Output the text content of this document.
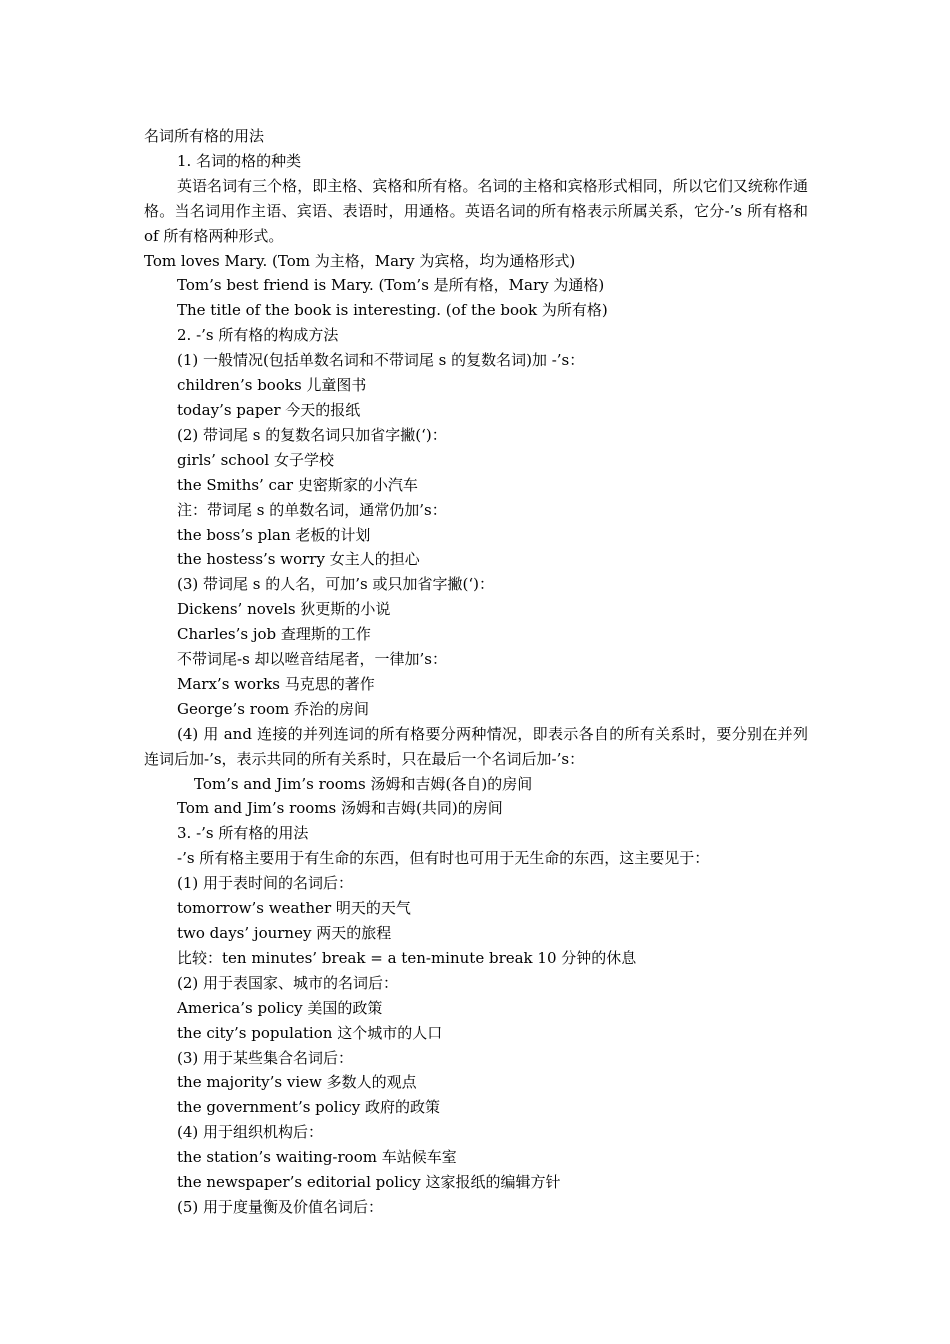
名词所有格的用法
1. 名词的格的种类
英语名词有三个格，即主格、宾格和所有格。名词的主格和宾格形式相同，所以它们又统称作通格。当名词用作主语、宾语、表语时，用通格。英语名词的所有格表示所属关系，它分-’s 所有格和 of 所有格两种形式。
Tom loves Mary. (Tom 为主格，Mary 为宾格，均为通格形式)
Tom’s best friend is Mary. (Tom’s 是所有格，Mary 为通格)
The title of the book is interesting. (of the book 为所有格)
2. -’s 所有格的构成方法
(1) 一般情况(包括单数名词和不带词尾 s 的复数名词)加 -’s：
children’s books 儿童图书
today’s paper 今天的报纸
(2) 带词尾 s 的复数名词只加省字撇(‘)：
girls’ school 女子学校
the Smiths’ car 史密斯家的小汽车
注：带词尾 s 的单数名词，通常仍加’s：
the boss’s plan 老板的计划
the hostess’s worry 女主人的担心
(3) 带词尾 s 的人名，可加’s 或只加省字撇(‘)：
Dickens’ novels 狄更斯的小说
Charles’s job 查理斯的工作
不带词尾-s 却以咝音结尾者，一律加’s：
Marx’s works 马克思的著作
George’s room 乔治的房间
(4) 用 and 连接的并列连词的所有格要分两种情况，即表示各自的所有关系时，要分别在并列连词后加-’s，表示共同的所有关系时，只在最后一个名词后加-’s：
Tom’s and Jim’s rooms 汤姆和吉姆(各自)的房间
Tom and Jim’s rooms 汤姆和吉姆(共同)的房间
3. -’s 所有格的用法
-’s 所有格主要用于有生命的东西，但有时也可用于无生命的东西，这主要见于：
(1) 用于表时间的名词后：
tomorrow’s weather 明天的天气
two days’ journey 两天的旅程
比较：ten minutes’ break = a ten-minute break 10 分钟的休息
(2) 用于表国家、城市的名词后：
America’s policy 美国的政策
the city’s population 这个城市的人口
(3) 用于某些集合名词后：
the majority’s view 多数人的观点
the government’s policy 政府的政策
(4) 用于组织机构后：
the station’s waiting-room 车站候车室
the newspaper’s editorial policy 这家报纸的编辑方针
(5) 用于度量衡及价值名词后：
